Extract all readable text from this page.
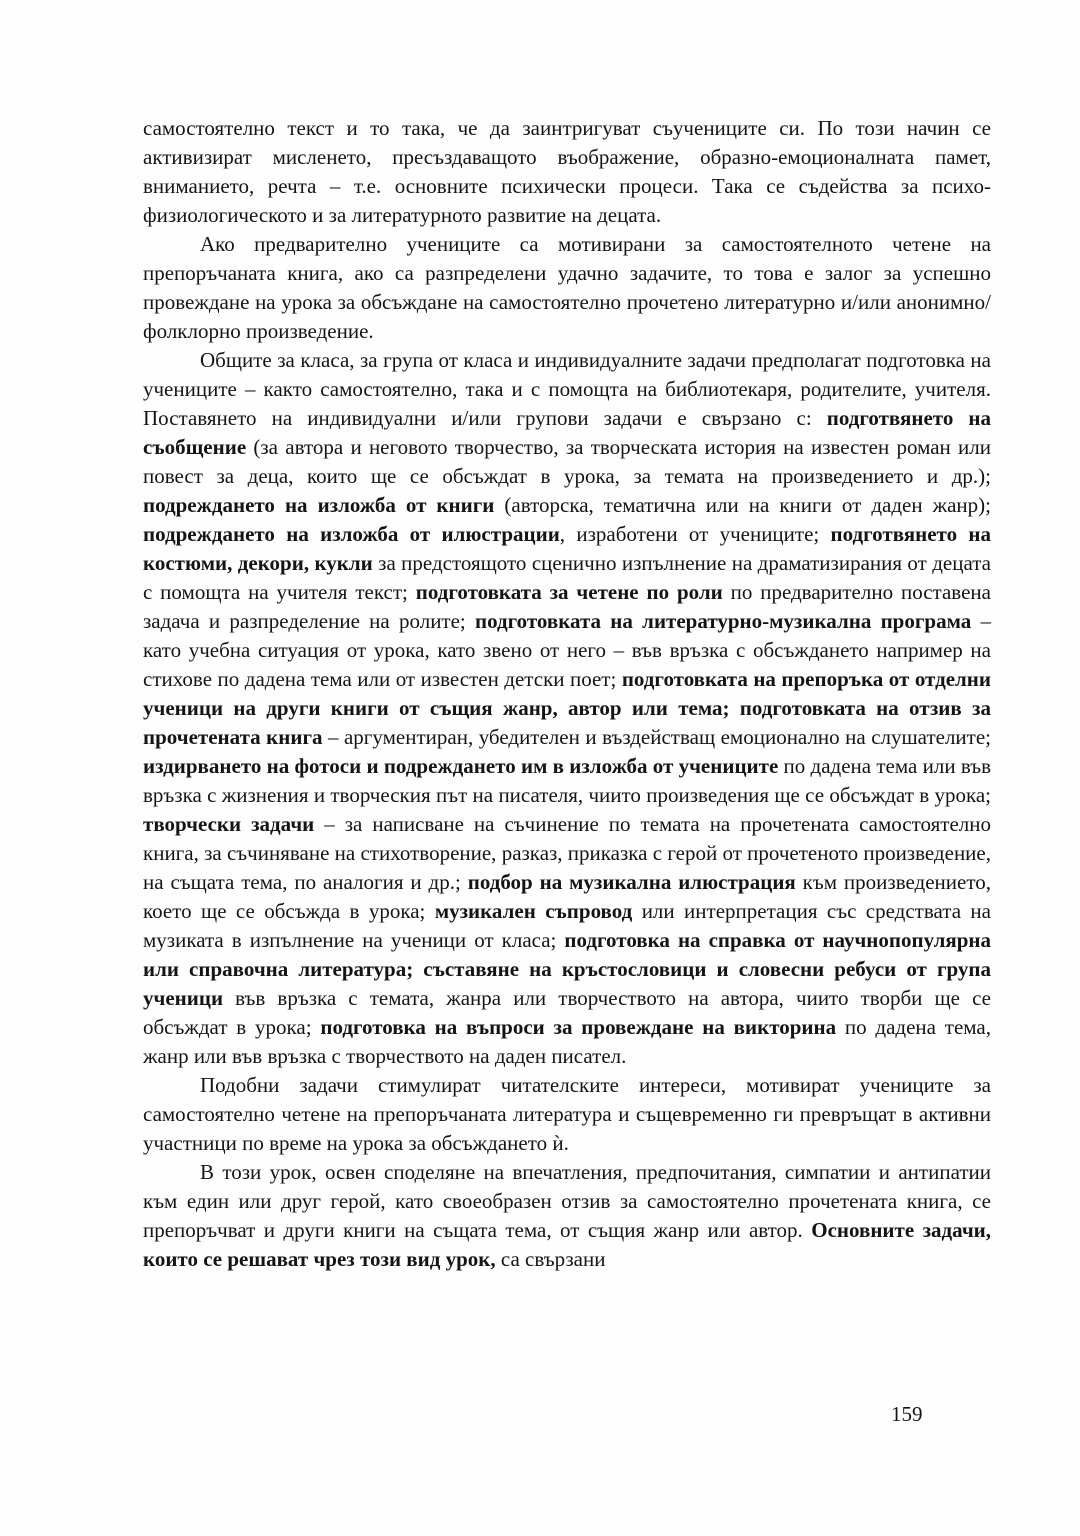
самостоятелно текст и то така, че да заинтригуват съучениците си. По този начин се активизират мисленето, пресъздаващото въображение, образно-емоционалната памет, вниманието, речта – т.е. основните психически процеси. Така се съдейства за психо-физиологическото и за литературното развитие на децата.

Ако предварително учениците са мотивирани за самостоятелното четене на препоръчаната книга, ако са разпределени удачно задачите, то това е залог за успешно провеждане на урока за обсъждане на самостоятелно прочетено литературно и/или анонимно/фолклорно произведение.

Общите за класа, за група от класа и индивидуалните задачи предполагат подготовка на учениците – както самостоятелно, така и с помощта на библиотекаря, родителите, учителя. Поставянето на индивидуални и/или групови задачи е свързано с: подготвянето на съобщение (за автора и неговото творчество, за творческата история на известен роман или повест за деца, които ще се обсъждат в урока, за темата на произведението и др.); подреждането на изложба от книги (авторска, тематична или на книги от даден жанр); подреждането на изложба от илюстрации, изработени от учениците; подготвянето на костюми, декори, кукли за предстоящото сценично изпълнение на драматизирания от децата с помощта на учителя текст; подготовката за четене по роли по предварително поставена задача и разпределение на ролите; подготовката на литературно-музикална програма – като учебна ситуация от урока, като звено от него – във връзка с обсъждането например на стихове по дадена тема или от известен детски поет; подготовката на препоръка от отделни ученици на други книги от същия жанр, автор или тема; подготовката на отзив за прочетената книга – аргументиран, убедителен и въздействащ емоционално на слушателите; издирването на фотоси и подреждането им в изложба от учениците по дадена тема или във връзка с жизнения и творческия път на писателя, чиито произведения ще се обсъждат в урока; творчески задачи – за написване на съчинение по темата на прочетената самостоятелно книга, за съчиняване на стихотворение, разказ, приказка с герой от прочетеното произведение, на същата тема, по аналогия и др.; подбор на музикална илюстрация към произведението, което ще се обсъжда в урока; музикален съпровод или интерпретация със средствата на музиката в изпълнение на ученици от класа; подготовка на справка от научнопопулярна или справочна литература; съставяне на кръстословици и словесни ребуси от група ученици във връзка с темата, жанра или творчеството на автора, чиито творби ще се обсъждат в урока; подготовка на въпроси за провеждане на викторина по дадена тема, жанр или във връзка с творчеството на даден писател.

Подобни задачи стимулират читателските интереси, мотивират учениците за самостоятелно четене на препоръчаната литература и същевременно ги превръщат в активни участници по време на урока за обсъждането ѝ.

В този урок, освен споделяне на впечатления, предпочитания, симпатии и антипатии към един или друг герой, като своеобразен отзив за самостоятелно прочетената книга, се препоръчват и други книги на същата тема, от същия жанр или автор. Основните задачи, които се решават чрез този вид урок, са свързани

159
